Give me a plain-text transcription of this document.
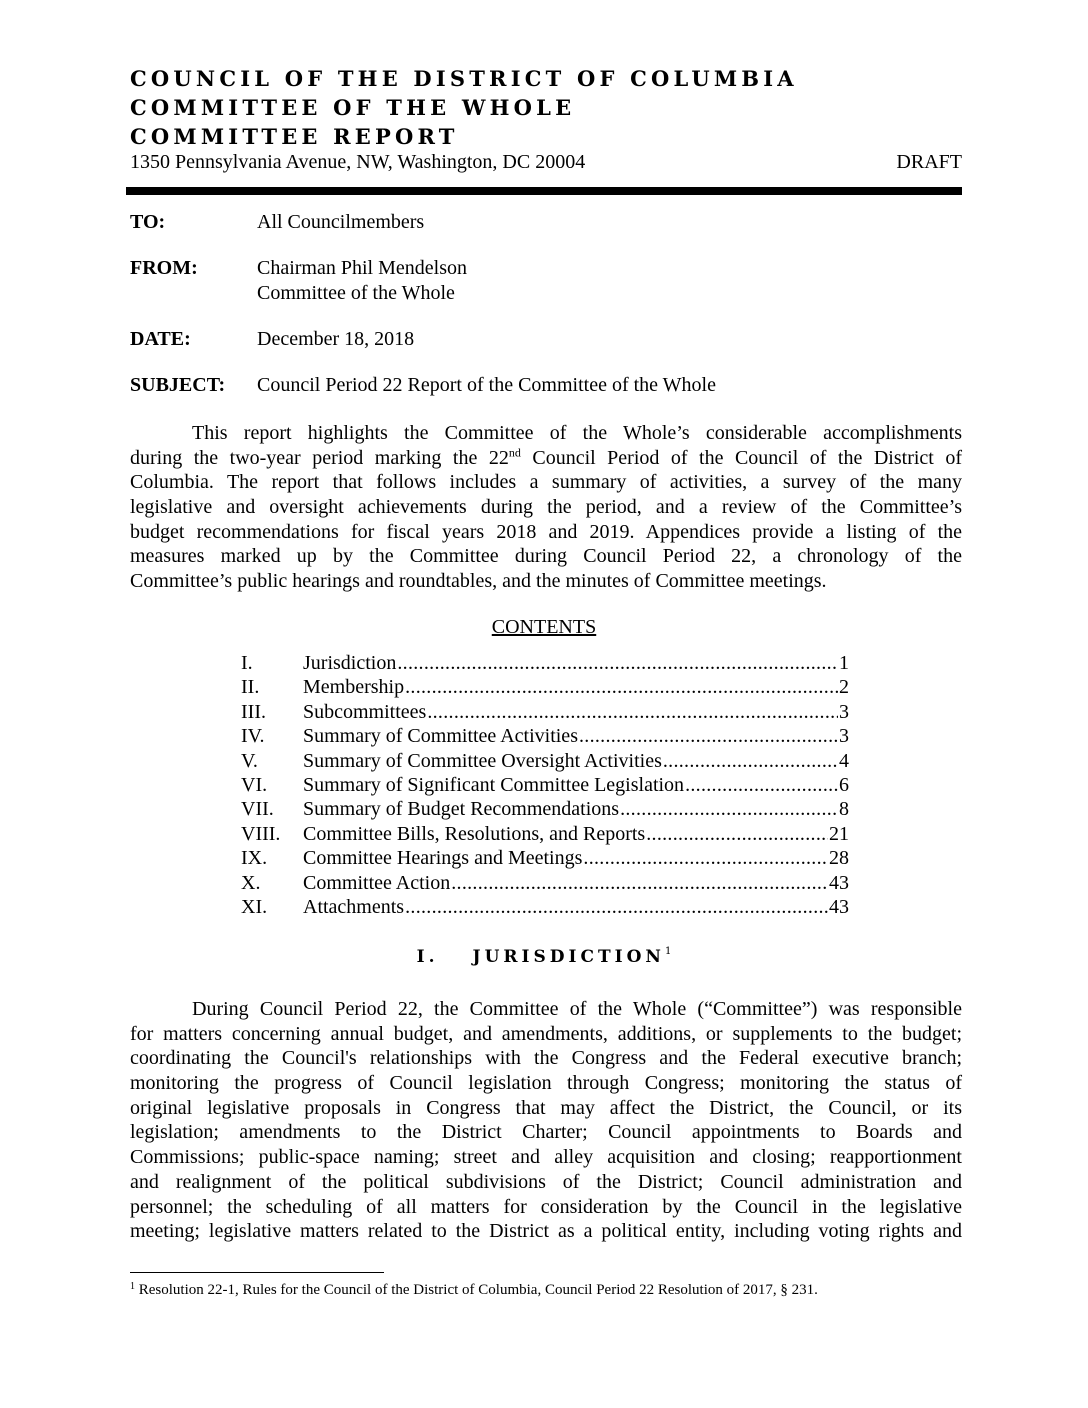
COUNCIL OF THE DISTRICT OF COLUMBIA
COMMITTEE OF THE WHOLE
COMMITTEE REPORT
1350 Pennsylvania Avenue, NW, Washington, DC 20004	DRAFT
TO:	All Councilmembers
FROM:	Chairman Phil Mendelson
Committee of the Whole
DATE:	December 18, 2018
SUBJECT: Council Period 22 Report of the Committee of the Whole
This report highlights the Committee of the Whole’s considerable accomplishments
during the two-year period marking the 22nd Council Period of the Council of the District of
Columbia. The report that follows includes a summary of activities, a survey of the many
legislative and oversight achievements during the period, and a review of the Committee’s
budget recommendations for fiscal years 2018 and 2019. Appendices provide a listing of the
measures marked up by the Committee during Council Period 22, a chronology of the
Committee’s public hearings and roundtables, and the minutes of Committee meetings.
CONTENTS
I.	Jurisdiction .....	1
II.	Membership .....	2
III.	Subcommittees .....	3
IV.	Summary of Committee Activities .....	3
V.	Summary of Committee Oversight Activities .....	4
VI.	Summary of Significant Committee Legislation .....	6
VII.	Summary of Budget Recommendations .....	8
VIII.	Committee Bills, Resolutions, and Reports .....	21
IX.	Committee Hearings and Meetings .....	28
X.	Committee Action .....	43
XI.	Attachments .....	43
I. JURISDICTION$^1$
During Council Period 22, the Committee of the Whole (“Committee”) was responsible
for matters concerning annual budget, and amendments, additions, or supplements to the budget;
coordinating the Council's relationships with the Congress and the Federal executive branch;
monitoring the progress of Council legislation through Congress; monitoring the status of
original legislative proposals in Congress that may affect the District, the Council, or its
legislation; amendments to the District Charter; Council appointments to Boards and
Commissions; public-space naming; street and alley acquisition and closing; reapportionment
and realignment of the political subdivisions of the District; Council administration and
personnel; the scheduling of all matters for consideration by the Council in the legislative
meeting; legislative matters related to the District as a political entity, including voting rights and
$^1$ Resolution 22-1, Rules for the Council of the District of Columbia, Council Period 22 Resolution of 2017, § 231.
